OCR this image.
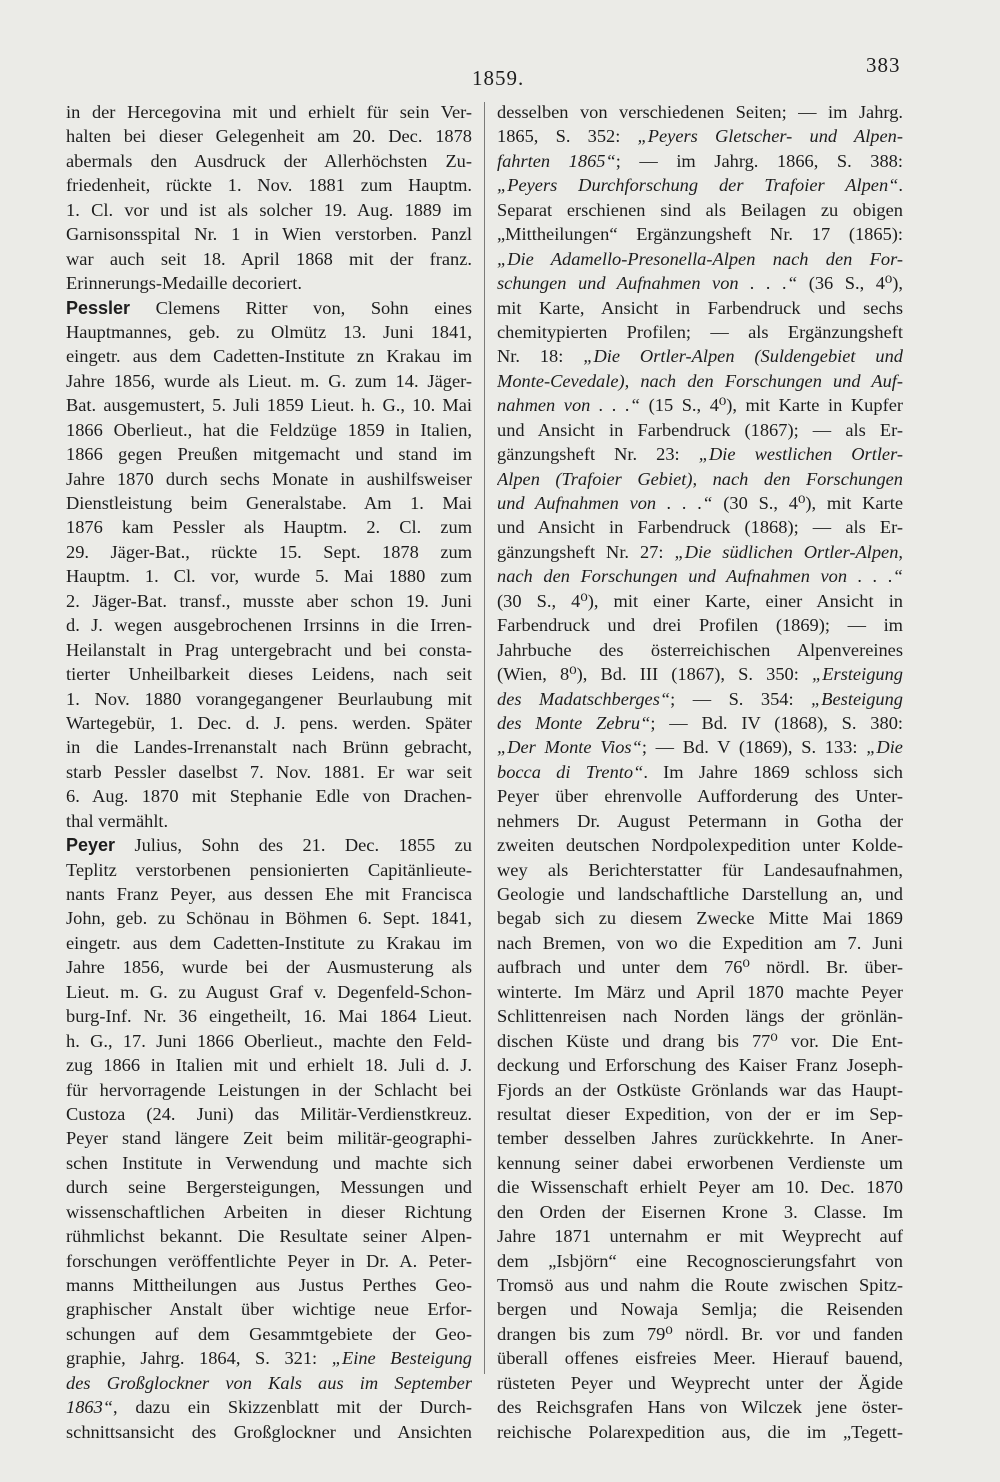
383
1859.
in der Hercegovina mit und erhielt für sein Ver-
halten bei dieser Gelegenheit am 20. Dec. 1878
abermals den Ausdruck der Allerhöchsten Zu-
friedenheit, rückte 1. Nov. 1881 zum Hauptm.
1. Cl. vor und ist als solcher 19. Aug. 1889 im
Garnisonsspital Nr. 1 in Wien verstorben. Panzl
war auch seit 18. April 1868 mit der franz.
Erinnerungs-Medaille decoriert.
Pessler Clemens Ritter von, Sohn eines
Hauptmannes, geb. zu Olmütz 13. Juni 1841,
eingetr. aus dem Cadetten-Institute zn Krakau im
Jahre 1856, wurde als Lieut. m. G. zum 14. Jäger-
Bat. ausgemustert, 5. Juli 1859 Lieut. h. G., 10. Mai
1866 Oberlieut., hat die Feldzüge 1859 in Italien,
1866 gegen Preußen mitgemacht und stand im
Jahre 1870 durch sechs Monate in aushilfsweiser
Dienstleistung beim Generalstabe. Am 1. Mai
1876 kam Pessler als Hauptm. 2. Cl. zum
29. Jäger-Bat., rückte 15. Sept. 1878 zum
Hauptm. 1. Cl. vor, wurde 5. Mai 1880 zum
2. Jäger-Bat. transf., musste aber schon 19. Juni
d. J. wegen ausgebrochenen Irrsinns in die Irren-
Heilanstalt in Prag untergebracht und bei consta-
tierter Unheilbarkeit dieses Leidens, nach seit
1. Nov. 1880 vorangegangener Beurlaubung mit
Wartegebür, 1. Dec. d. J. pens. werden. Später
in die Landes-Irrenanstalt nach Brünn gebracht,
starb Pessler daselbst 7. Nov. 1881. Er war seit
6. Aug. 1870 mit Stephanie Edle von Drachen-
thal vermählt.
Peyer Julius, Sohn des 21. Dec. 1855 zu
Teplitz verstorbenen pensionierten Capitänlieute-
nants Franz Peyer, aus dessen Ehe mit Francisca
John, geb. zu Schönau in Böhmen 6. Sept. 1841,
eingetr. aus dem Cadetten-Institute zu Krakau im
Jahre 1856, wurde bei der Ausmusterung als
Lieut. m. G. zu August Graf v. Degenfeld-Schon-
burg-Inf. Nr. 36 eingetheilt, 16. Mai 1864 Lieut.
h. G., 17. Juni 1866 Oberlieut., machte den Feld-
zug 1866 in Italien mit und erhielt 18. Juli d. J.
für hervorragende Leistungen in der Schlacht bei
Custoza (24. Juni) das Militär-Verdienstkreuz.
Peyer stand längere Zeit beim militär-geographi-
schen Institute in Verwendung und machte sich
durch seine Bergersteigungen, Messungen und
wissenschaftlichen Arbeiten in dieser Richtung
rühmlichst bekannt. Die Resultate seiner Alpen-
forschungen veröffentlichte Peyer in Dr. A. Peter-
manns Mittheilungen aus Justus Perthes Geo-
graphischer Anstalt über wichtige neue Erfor-
schungen auf dem Gesammtgebiete der Geo-
graphie, Jahrg. 1864, S. 321: „Eine Besteigung
des Großglockner von Kals aus im September
1863“, dazu ein Skizzenblatt mit der Durch-
schnittsansicht des Großglockner und Ansichten
desselben von verschiedenen Seiten; — im Jahrg.
1865, S. 352: „Peyers Gletscher- und Alpen-
fahrten 1865“; — im Jahrg. 1866, S. 388:
„Peyers Durchforschung der Trafoier Alpen“.
Separat erschienen sind als Beilagen zu obigen
„Mittheilungen“ Ergänzungsheft Nr. 17 (1865):
„Die Adamello-Presonella-Alpen nach den For-
schungen und Aufnahmen von . . .“ (36 S., 4⁰),
mit Karte, Ansicht in Farbendruck und sechs
chemitypierten Profilen; — als Ergänzungsheft
Nr. 18: „Die Ortler-Alpen (Suldengebiet und
Monte-Cevedale), nach den Forschungen und Auf-
nahmen von . . .“ (15 S., 4⁰), mit Karte in Kupfer
und Ansicht in Farbendruck (1867); — als Er-
gänzungsheft Nr. 23: „Die westlichen Ortler-
Alpen (Trafoier Gebiet), nach den Forschungen
und Aufnahmen von . . .“ (30 S., 4⁰), mit Karte
und Ansicht in Farbendruck (1868); — als Er-
gänzungsheft Nr. 27: „Die südlichen Ortler-Alpen,
nach den Forschungen und Aufnahmen von . . .“
(30 S., 4⁰), mit einer Karte, einer Ansicht in
Farbendruck und drei Profilen (1869); — im
Jahrbuche des österreichischen Alpenvereines
(Wien, 8⁰), Bd. III (1867), S. 350: „Ersteigung
des Madatschberges“; — S. 354: „Besteigung
des Monte Zebru“; — Bd. IV (1868), S. 380:
„Der Monte Vios“; — Bd. V (1869), S. 133: „Die
bocca di Trento“. Im Jahre 1869 schloss sich
Peyer über ehrenvolle Aufforderung des Unter-
nehmers Dr. August Petermann in Gotha der
zweiten deutschen Nordpolexpedition unter Kolde-
wey als Berichterstatter für Landesaufnahmen,
Geologie und landschaftliche Darstellung an, und
begab sich zu diesem Zwecke Mitte Mai 1869
nach Bremen, von wo die Expedition am 7. Juni
aufbrach und unter dem 76⁰ nördl. Br. über-
winterte. Im März und April 1870 machte Peyer
Schlittenreisen nach Norden längs der grönlän-
dischen Küste und drang bis 77⁰ vor. Die Ent-
deckung und Erforschung des Kaiser Franz Joseph-
Fjords an der Ostküste Grönlands war das Haupt-
resultat dieser Expedition, von der er im Sep-
tember desselben Jahres zurückkehrte. In Aner-
kennung seiner dabei erworbenen Verdienste um
die Wissenschaft erhielt Peyer am 10. Dec. 1870
den Orden der Eisernen Krone 3. Classe. Im
Jahre 1871 unternahm er mit Weyprecht auf
dem „Isbjörn“ eine Recognoscierungsfahrt von
Tromsö aus und nahm die Route zwischen Spitz-
bergen und Nowaja Semlja; die Reisenden
drangen bis zum 79⁰ nördl. Br. vor und fanden
überall offenes eisfreies Meer. Hierauf bauend,
rüsteten Peyer und Weyprecht unter der Ägide
des Reichsgrafen Hans von Wilczek jene öster-
reichische Polarexpedition aus, die im „Tegett-
